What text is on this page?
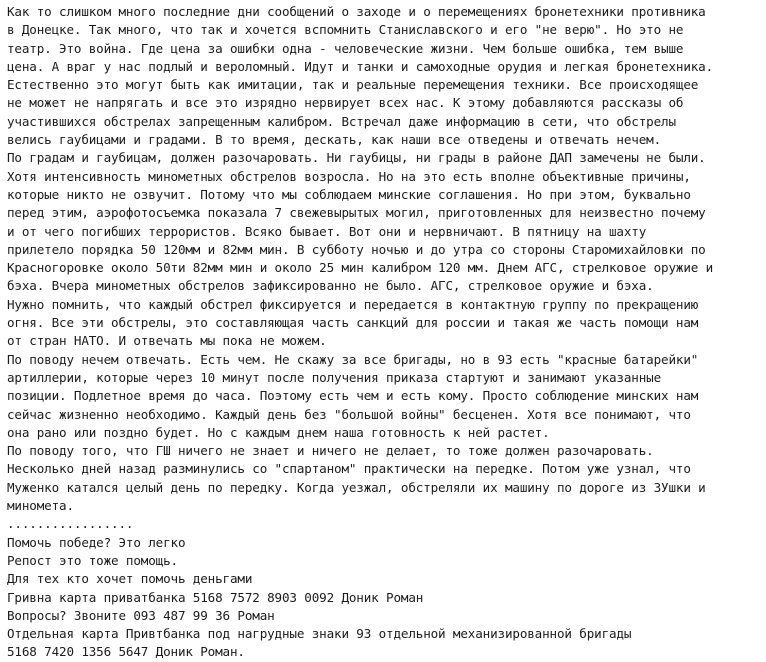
Как то слишком много последние дни сообщений о заходе и о перемещениях бронетехники противника
в Донецке. Так много, что так и хочется вспомнить Станиславского и его "не верю". Но это не
театр. Это война. Где цена за ошибки одна - человеческие жизни. Чем больше ошибка, тем выше
цена. А враг у нас подлый и вероломный. Идут и танки и самоходные орудия и легкая бронетехника.
Естественно это могут быть как имитации, так и реальные перемещения техники. Все происходящее
не может не напрягать и все это изрядно нервирует всех нас. К этому добавляются рассказы об
участившихся обстрелах запрещенным калибром. Встречал даже информацию в сети, что обстрелы
велись гаубицами и градами. В то время, дескать, как наши все отведены и отвечать нечем.
По градам и гаубицам, должен разочаровать. Ни гаубицы, ни грады в районе ДАП замечены не были.
Хотя интенсивность минометных обстрелов возросла. Но на это есть вполне объективные причины,
которые никто не озвучит. Потому что мы соблюдаем минские соглашения. Но при этом, буквально
перед этим, аэрофотосъемка показала 7 свежевырытых могил, приготовленных для неизвестно почему
и от чего погибших террористов. Всяко бывает. Вот они и нервничают. В пятницу на шахту
прилетело порядка 50 120мм и 82мм мин. В субботу ночью и до утра со стороны Старомихайловки по
Красногоровке около 50ти 82мм мин и около 25 мин калибром 120 мм. Днем АГС, стрелковое оружие и
бэха. Вчера минометных обстрелов зафиксированно не было. АГС, стрелковое оружие и бэха.
Нужно помнить, что каждый обстрел фиксируется и передается в контактную группу по прекращению
огня. Все эти обстрелы, это составляющая часть санкций для россии и такая же часть помощи нам
от стран НАТО. И отвечать мы пока не можем.
По поводу нечем отвечать. Есть чем. Не скажу за все бригады, но в 93 есть "красные батарейки"
артиллерии, которые через 10 минут после получения приказа стартуют и занимают указанные
позиции. Подлетное время до часа. Поэтому есть чем и есть кому. Просто соблюдение минских нам
сейчас жизненно необходимо. Каждый день без "большой войны" бесценен. Хотя все понимают, что
она рано или поздно будет. Но с каждым днем наша готовность к ней растет.
По поводу того, что ГШ ничего не знает и ничего не делает, то тоже должен разочаровать.
Несколько дней назад разминулись со "спартаном" практически на передке. Потом уже узнал, что
Муженко катался целый день по передку. Когда уезжал, обстреляли их машину по дороге из ЗУшки и
миномета.
.................
Помочь победе? Это легко
Репост это тоже помощь.
Для тех кто хочет помочь деньгами
Гривна карта приватбанка 5168 7572 8903 0092 Доник Роман
Вопросы? Звоните 093 487 99 36 Роман
Отдельная карта Привтбанка под нагрудные знаки 93 отдельной механизированной бригады
5168 7420 1356 5647 Доник Роман.
